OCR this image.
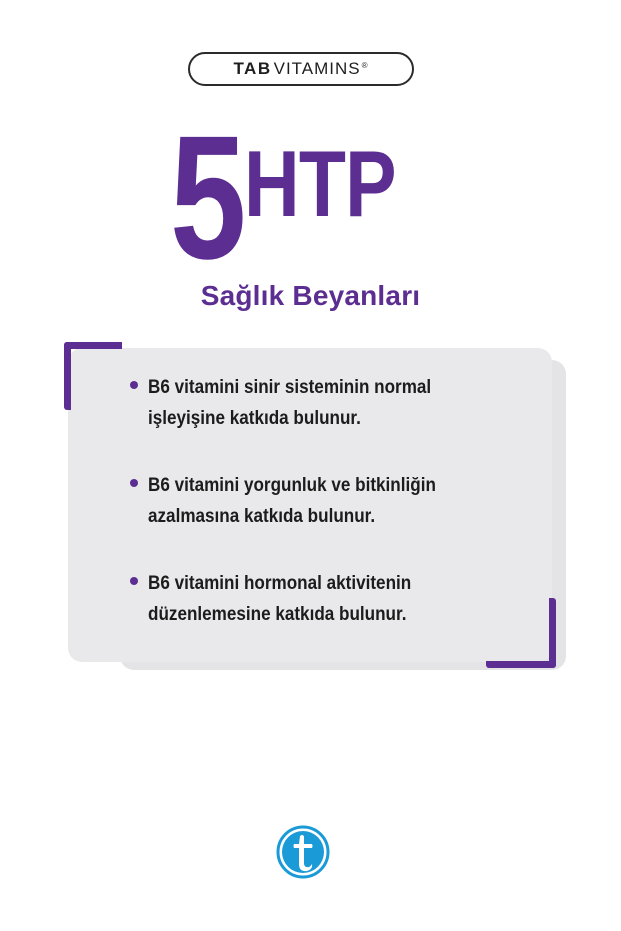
TAB VITAMINS ®
5 HTP
Sağlık Beyanları
B6 vitamini sinir sisteminin normal
işleyişine katkıda bulunur.
B6 vitamini yorgunluk ve bitkinliğin
azalmasına katkıda bulunur.
B6 vitamini hormonal aktivitenin
düzenlemesine katkıda bulunur.
